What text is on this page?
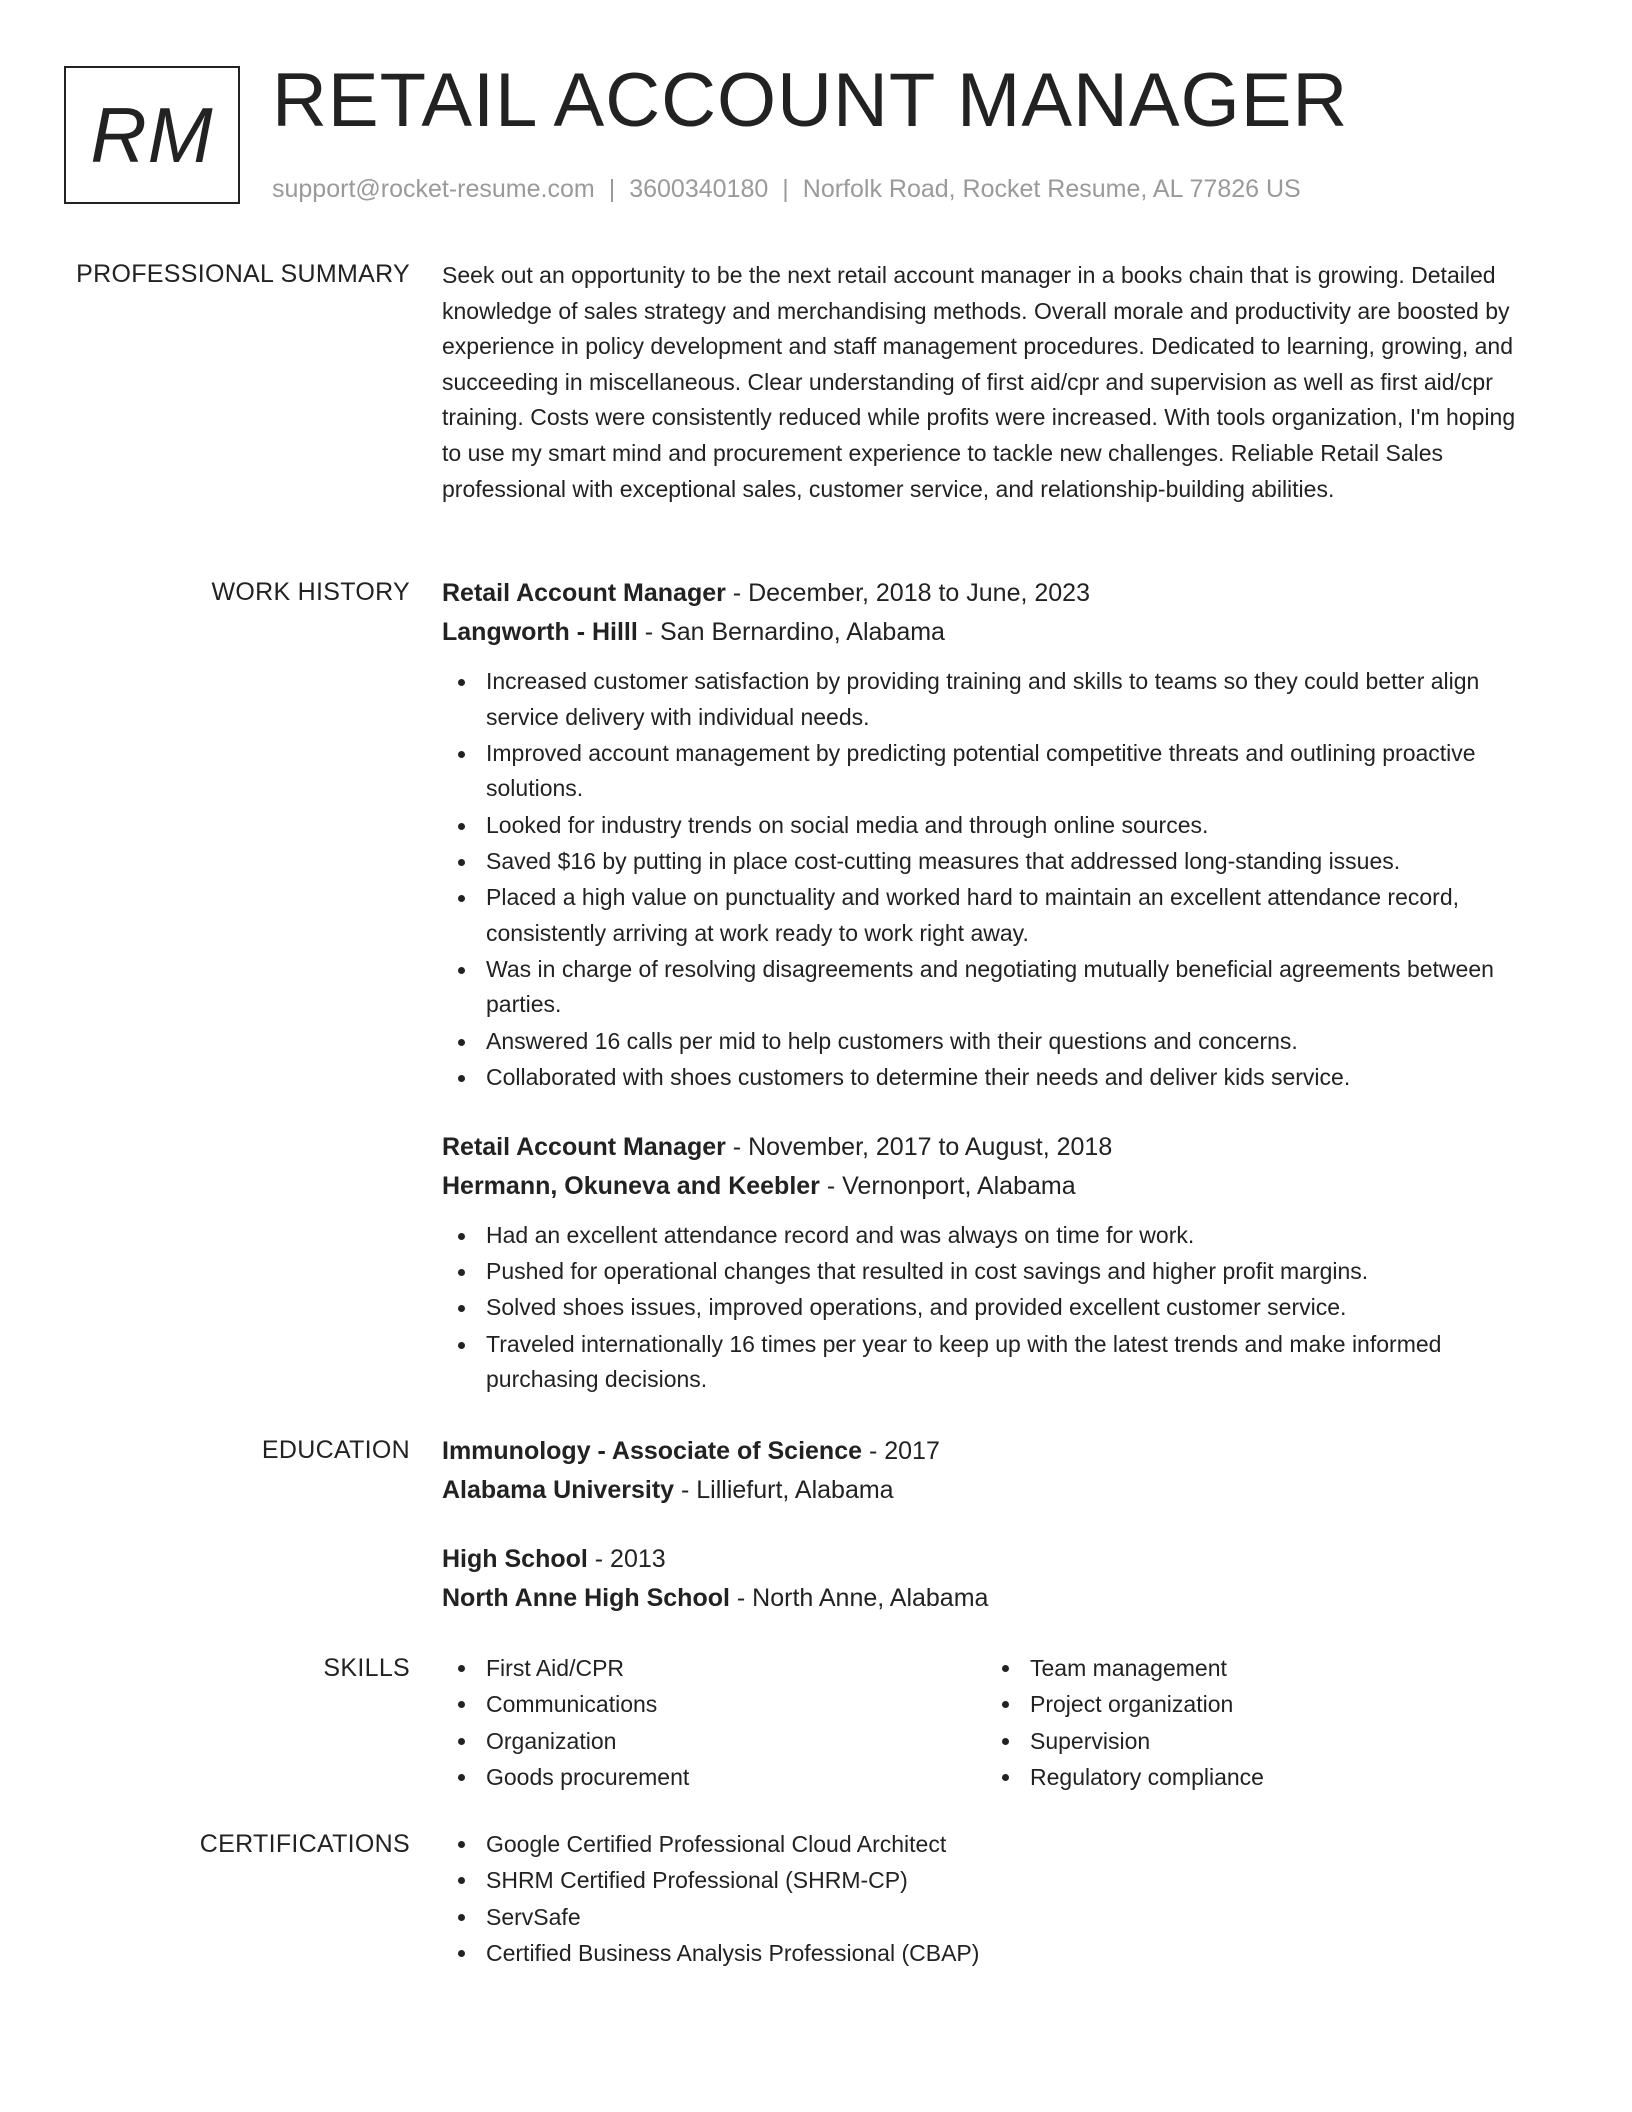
RM RETAIL ACCOUNT MANAGER
support@rocket-resume.com | 3600340180 | Norfolk Road, Rocket Resume, AL 77826 US
PROFESSIONAL SUMMARY Seek out an opportunity to be the next retail account manager in a books chain that is growing. Detailed knowledge of sales strategy and merchandising methods. Overall morale and productivity are boosted by experience in policy development and staff management procedures. Dedicated to learning, growing, and succeeding in miscellaneous. Clear understanding of first aid/cpr and supervision as well as first aid/cpr training. Costs were consistently reduced while profits were increased. With tools organization, I'm hoping to use my smart mind and procurement experience to tackle new challenges. Reliable Retail Sales professional with exceptional sales, customer service, and relationship-building abilities.

WORK HISTORY Retail Account Manager - December, 2018 to June, 2023
Langworth - Hilll - San Bernardino, Alabama
Increased customer satisfaction by providing training and skills to teams so they could better align service delivery with individual needs.
Improved account management by predicting potential competitive threats and outlining proactive solutions.
Looked for industry trends on social media and through online sources.
Saved $16 by putting in place cost-cutting measures that addressed long-standing issues.
Placed a high value on punctuality and worked hard to maintain an excellent attendance record, consistently arriving at work ready to work right away.
Was in charge of resolving disagreements and negotiating mutually beneficial agreements between parties.
Answered 16 calls per mid to help customers with their questions and concerns.
Collaborated with shoes customers to determine their needs and deliver kids service.
Retail Account Manager - November, 2017 to August, 2018
Hermann, Okuneva and Keebler - Vernonport, Alabama
Had an excellent attendance record and was always on time for work.
Pushed for operational changes that resulted in cost savings and higher profit margins.
Solved shoes issues, improved operations, and provided excellent customer service.
Traveled internationally 16 times per year to keep up with the latest trends and make informed purchasing decisions.
EDUCATION Immunology - Associate of Science - 2017
Alabama University - Lilliefurt, Alabama
High School - 2013
North Anne High School - North Anne, Alabama
SKILLS	First Aid/CPR
Communications
Organization
Goods procurement
Team management
Project organization
Supervision
Regulatory compliance
CERTIFICATIONS	Google Certified Professional Cloud Architect
SHRM Certified Professional (SHRM-CP)
ServSafe
Certified Business Analysis Professional (CBAP)
